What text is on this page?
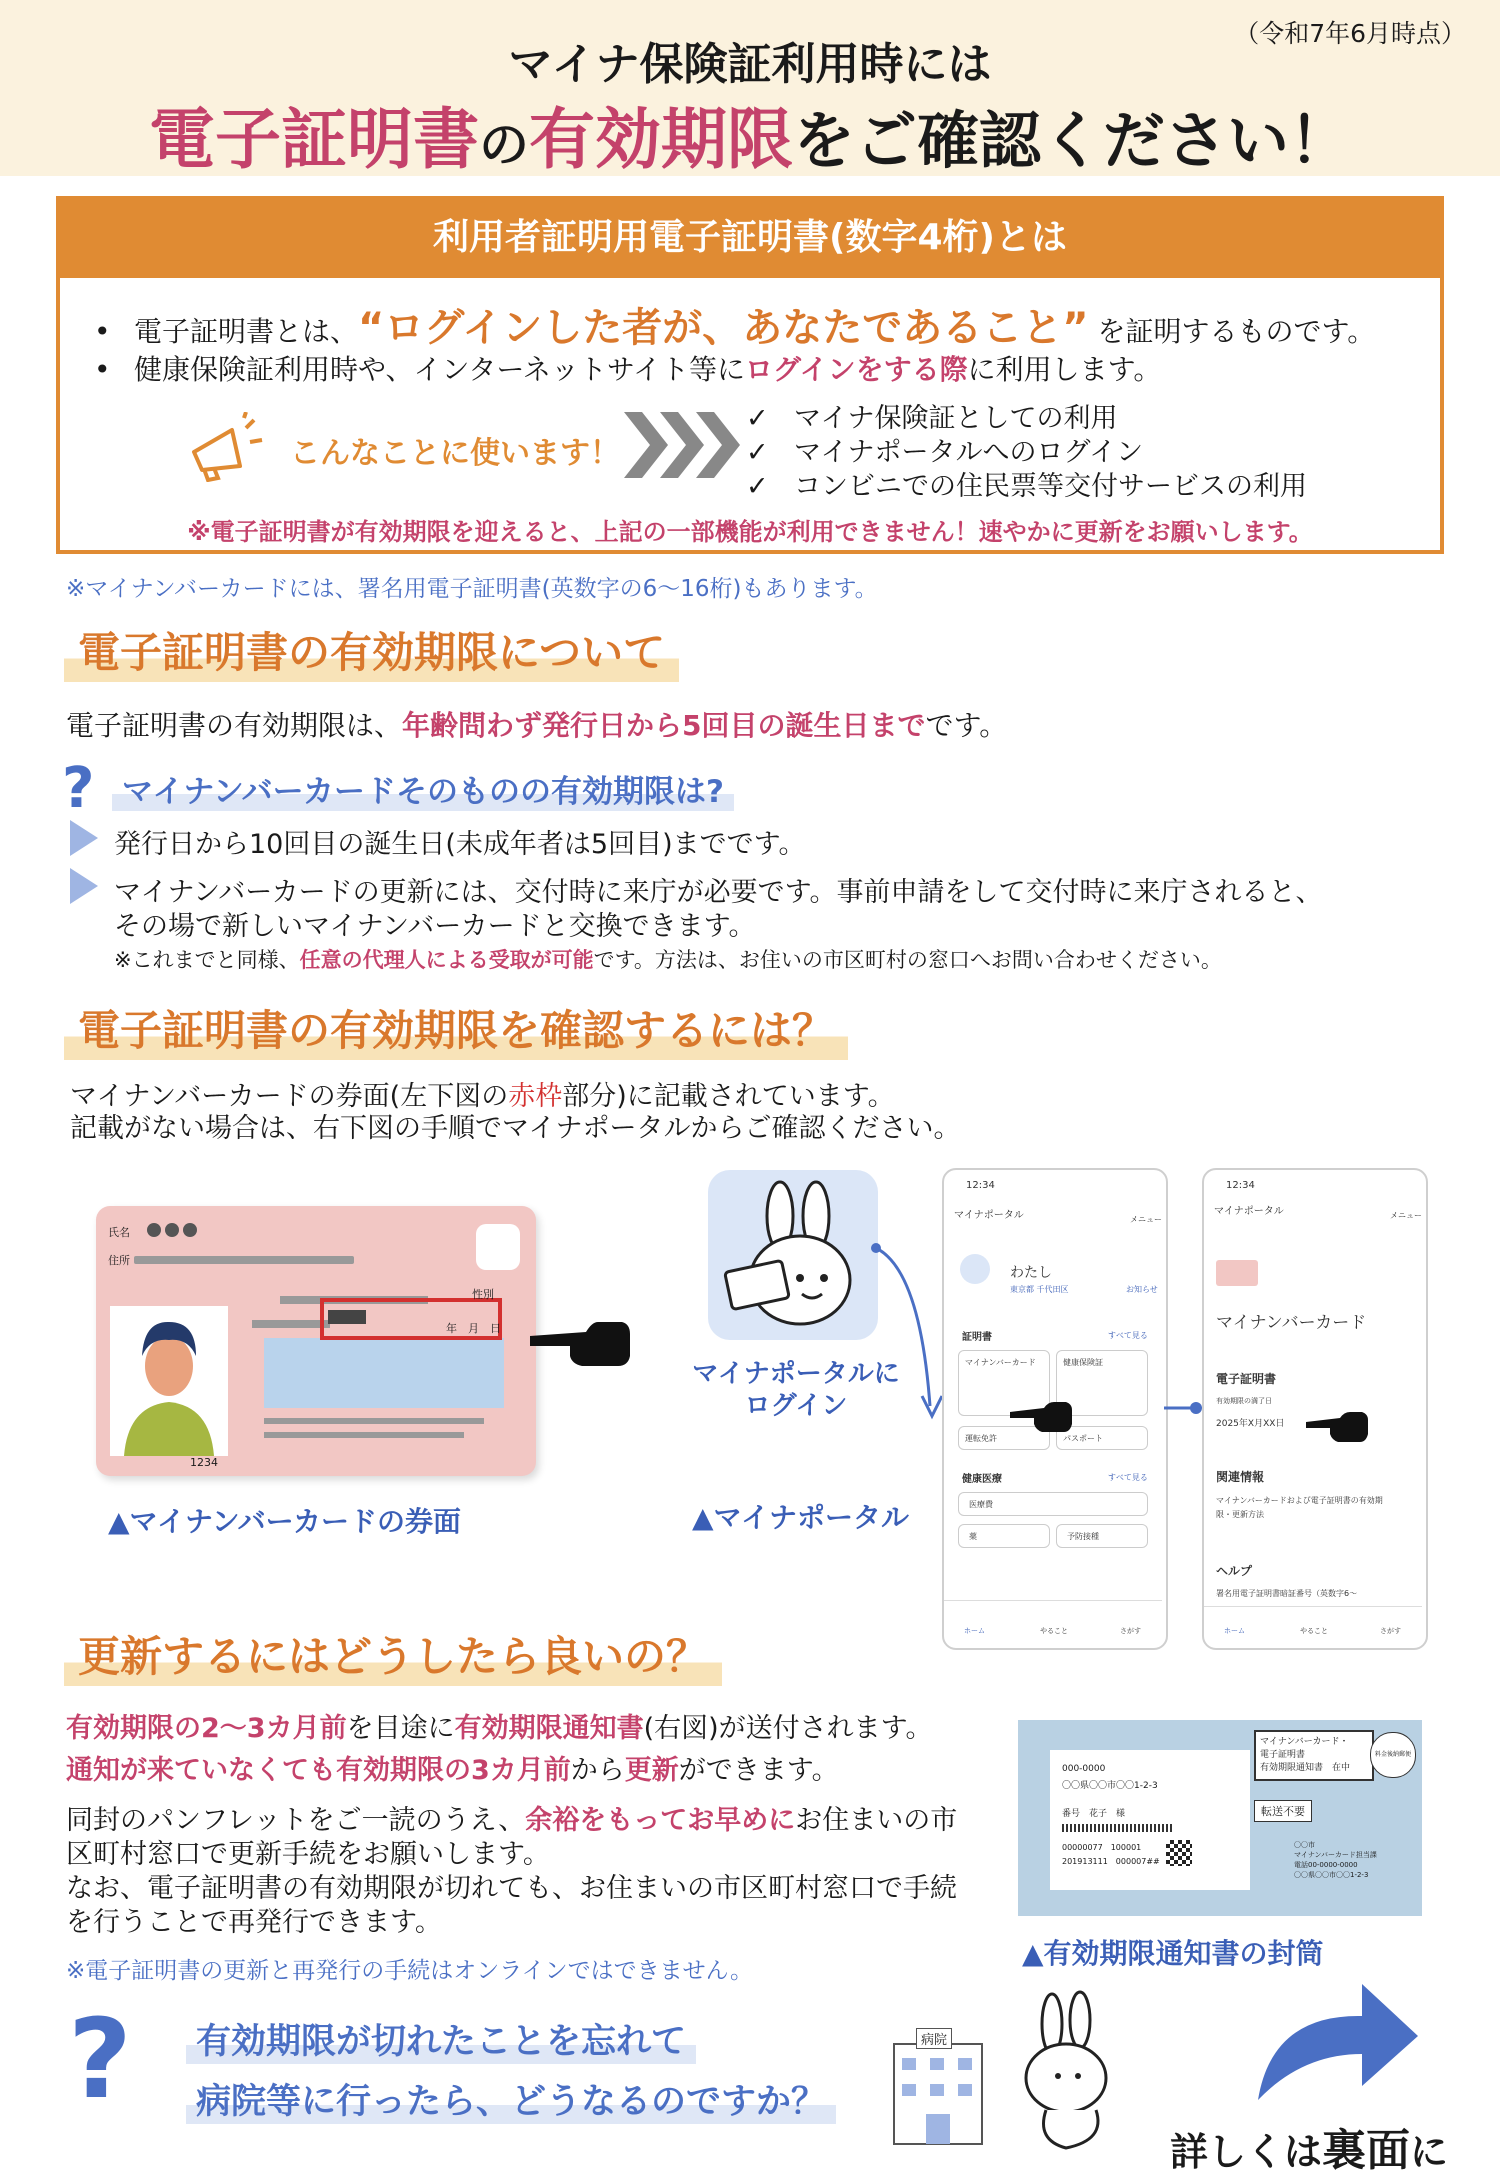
（令和7年6月時点）
マイナ保険証利用時には
電子証明書の有効期限をご確認ください！
利用者証明用電子証明書(数字4桁)とは
• 電子証明書とは、“ログインした者が、あなたであること” を証明するものです。
• 健康保険証利用時や、インターネットサイト等にログインをする際に利用します。
こんなことに使います！
✓ マイナ保険証としての利用
✓ マイナポータルへのログイン
✓ コンビニでの住民票等交付サービスの利用
※電子証明書が有効期限を迎えると、上記の一部機能が利用できません！速やかに更新をお願いします。
※マイナンバーカードには、署名用電子証明書(英数字の6～16桁)もあります。
電子証明書の有効期限について
電子証明書の有効期限は、年齢問わず発行日から5回目の誕生日までです。
? マイナンバーカードそのものの有効期限は?
発行日から10回目の誕生日(未成年者は5回目)までです。
マイナンバーカードの更新には、交付時に来庁が必要です。事前申請をして交付時に来庁されると、
その場で新しいマイナンバーカードと交換できます。
※これまでと同様、任意の代理人による受取が可能です。方法は、お住いの市区町村の窓口へお問い合わせください。
電子証明書の有効期限を確認するには？
マイナンバーカードの券面(左下図の赤枠部分)に記載されています。
記載がない場合は、右下図の手順でマイナポータルからご確認ください。
氏名
住所
性別
年　月　日
1234
▲マイナンバーカードの券面
マイナポータルにログイン
▲マイナポータル
12:34
マイナポータル	メニュー
わたし
東京都 千代田区	お知らせ
証明書	すべて見る
マイナンバーカード	健康保険証
運転免許	パスポート
健康医療	すべて見る
医療費
薬	予防接種
ホーム	やること	さがす
12:34
マイナポータル	メニュー
マイナンバーカード
電子証明書
有効期限の満了日
2025年X月XX日
関連情報
マイナンバーカードおよび電子証明書の有効期限・更新方法
ヘルプ
署名用電子証明書暗証番号（英数字6～
ホーム	やること	さがす
更新するにはどうしたら良いの？
有効期限の2～3カ月前を目途に有効期限通知書(右図)が送付されます。
通知が来ていなくても有効期限の3カ月前から更新ができます。
同封のパンフレットをご一読のうえ、余裕をもってお早めにお住まいの市
区町村窓口で更新手続をお願いします。
なお、電子証明書の有効期限が切れても、お住まいの市区町村窓口で手続
を行うことで再発行できます。
※電子証明書の更新と再発行の手続はオンラインではできません。
000-0000
〇〇県〇〇市〇〇1-2-3
番号　花子　様
00000077　100001
201913111　000007##
マイナンバーカード・
電子証明書
有効期限通知書　在中
料金後納郵便
転送不要
〇〇市
マイナンバーカード担当課
電話00-0000-0000
〇〇県〇〇市〇〇1-2-3
▲有効期限通知書の封筒
? 有効期限が切れたことを忘れて
病院等に行ったら、どうなるのですか？
病院
詳しくは裏面に
